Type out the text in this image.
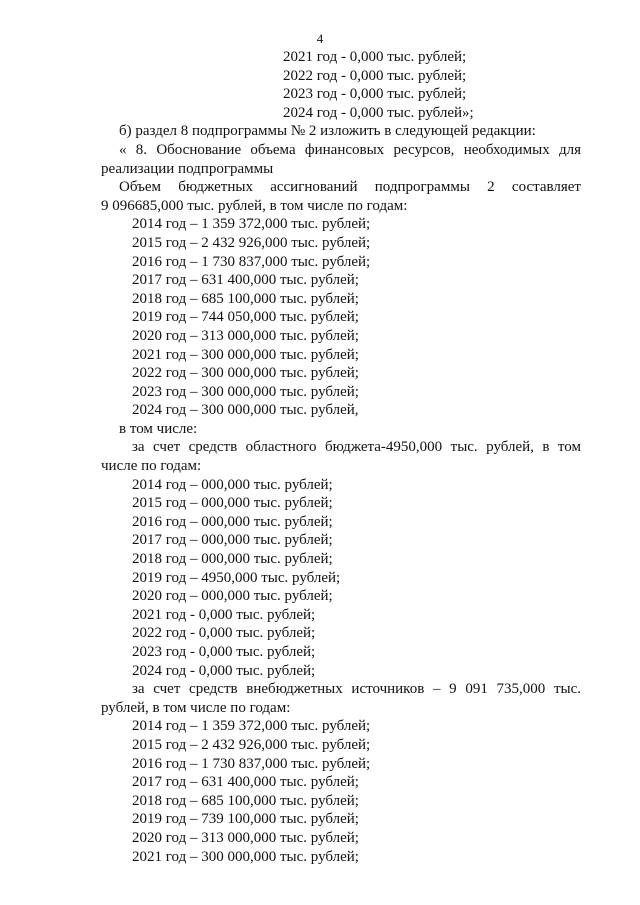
4
2021 год - 0,000 тыс. рублей;
2022 год - 0,000 тыс. рублей;
2023 год - 0,000 тыс. рублей;
2024 год - 0,000 тыс. рублей»;
б) раздел 8 подпрограммы № 2 изложить в следующей редакции:
« 8. Обоснование объема финансовых ресурсов, необходимых для
реализации подпрограммы
Объем бюджетных ассигнований подпрограммы 2 составляет
9 096685,000 тыс. рублей, в том числе по годам:
2014 год – 1 359 372,000 тыс. рублей;
2015 год – 2 432 926,000 тыс. рублей;
2016 год – 1 730 837,000 тыс. рублей;
2017 год – 631 400,000 тыс. рублей;
2018 год – 685 100,000 тыс. рублей;
2019 год – 744 050,000 тыс. рублей;
2020 год – 313 000,000 тыс. рублей;
2021 год – 300 000,000 тыс. рублей;
2022 год – 300 000,000 тыс. рублей;
2023 год – 300 000,000 тыс. рублей;
2024 год – 300 000,000 тыс. рублей,
в том числе:
за счет средств областного бюджета-4950,000 тыс. рублей, в том
числе по годам:
2014 год – 000,000 тыс. рублей;
2015 год – 000,000 тыс. рублей;
2016 год – 000,000 тыс. рублей;
2017 год – 000,000 тыс. рублей;
2018 год – 000,000 тыс. рублей;
2019 год – 4950,000 тыс. рублей;
2020 год – 000,000 тыс. рублей;
2021 год - 0,000 тыс. рублей;
2022 год - 0,000 тыс. рублей;
2023 год - 0,000 тыс. рублей;
2024 год - 0,000 тыс. рублей;
за счет средств внебюджетных источников – 9 091 735,000 тыс.
рублей, в том числе по годам:
2014 год – 1 359 372,000 тыс. рублей;
2015 год – 2 432 926,000 тыс. рублей;
2016 год – 1 730 837,000 тыс. рублей;
2017 год – 631 400,000 тыс. рублей;
2018 год – 685 100,000 тыс. рублей;
2019 год – 739 100,000 тыс. рублей;
2020 год – 313 000,000 тыс. рублей;
2021 год – 300 000,000 тыс. рублей;
